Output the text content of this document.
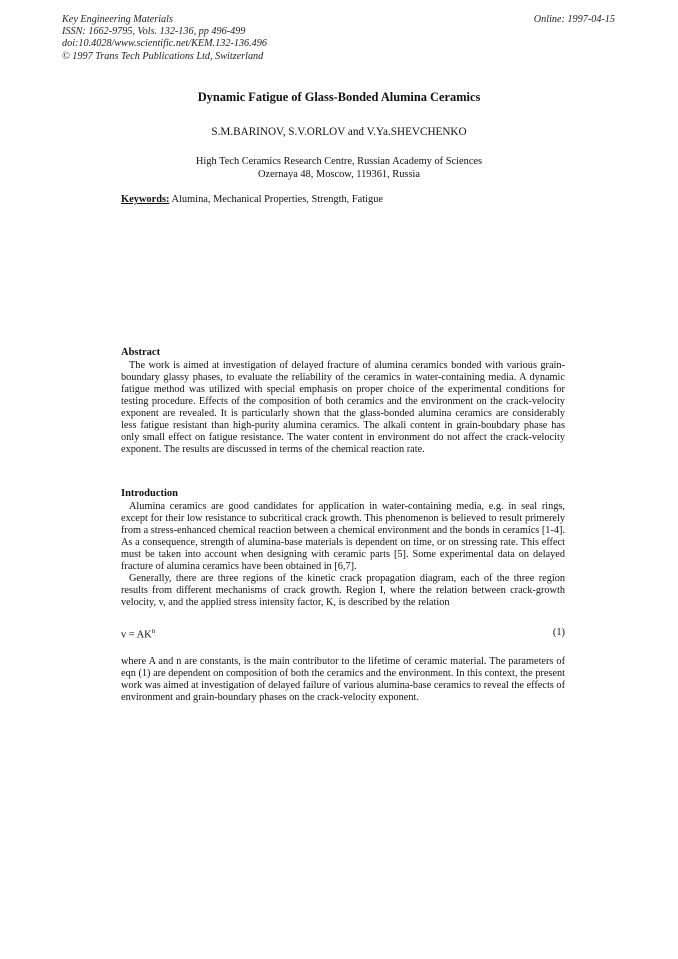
Key Engineering Materials
ISSN: 1662-9795, Vols. 132-136, pp 496-499
doi:10.4028/www.scientific.net/KEM.132-136.496
© 1997 Trans Tech Publications Ltd, Switzerland
Online: 1997-04-15
Dynamic Fatigue of Glass-Bonded Alumina Ceramics
S.M.BARINOV, S.V.ORLOV and V.Ya.SHEVCHENKO
High Tech Ceramics Research Centre, Russian Academy of Sciences
Ozernaya 48, Moscow, 119361, Russia
Keywords: Alumina, Mechanical Properties, Strength, Fatigue
Abstract

The work is aimed at investigation of delayed fracture of alumina ceramics bonded with various grain-boundary glassy phases, to evaluate the reliability of the ceramics in water-containing media. A dynamic fatigue method was utilized with special emphasis on proper choice of the experimental conditions for testing procedure. Effects of the composition of both ceramics and the environment on the crack-velocity exponent are revealed. It is particularly shown that the glass-bonded alumina ceramics are considerably less fatigue resistant than high-purity alumina ceramics. The alkali content in grain-boubdary phase has only small effect on fatigue resistance. The water content in environment do not affect the crack-velocity exponent. The results are discussed in terms of the chemical reaction rate.

Introduction

Alumina ceramics are good candidates for application in water-containing media, e.g. in seal rings, except for their low resistance to subcritical crack growth. This phenomenon is believed to result primerely from a stress-enhanced chemical reaction between a chemical environment and the bonds in ceramics [1-4]. As a consequence, strength of alumina-base materials is dependent on time, or on stressing rate. This effect must be taken into account when designing with ceramic parts [5]. Some experimental data on delayed fracture of alumina ceramics have been obtained in [6,7].

Generally, there are three regions of the kinetic crack propagation diagram, each of the three region results from different mechanisms of crack growth. Region I, where the relation between crack-growth velocity, v, and the applied stress intensity factor, K, is described by the relation

$v = AK^n$	(1)

where A and n are constants, is the main contributor to the lifetime of ceramic material. The parameters of eqn (1) are dependent on composition of both the ceramics and the environment. In this context, the present work was aimed at investigation of delayed failure of various alumina-base ceramics to reveal the effects of environment and grain-boundary phases on the crack-velocity exponent.
